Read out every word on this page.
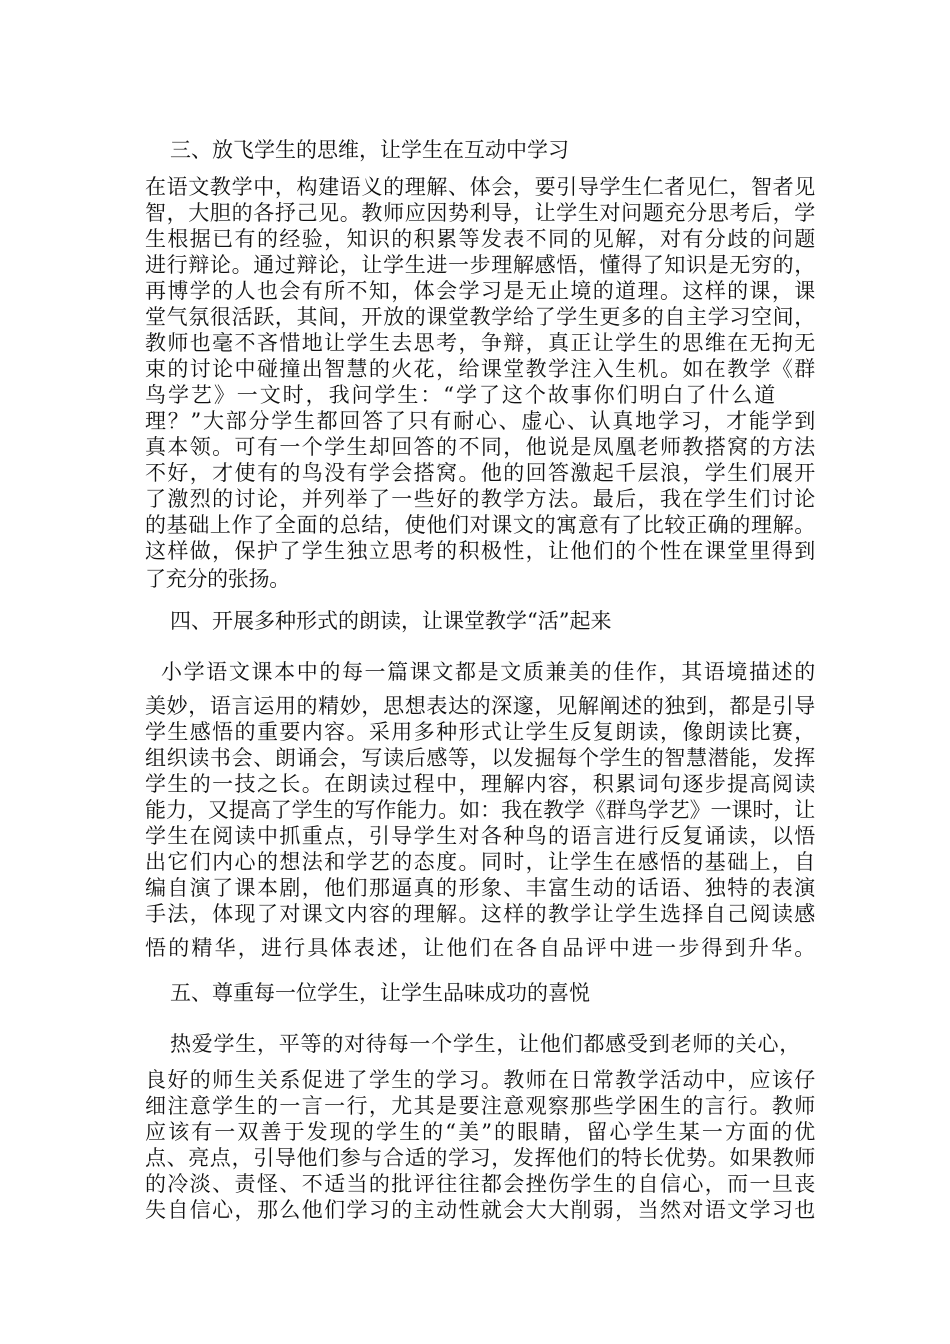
三、放飞学生的思维，让学生在互动中学习
在语文教学中，构建语义的理解、体会，要引导学生仁者见仁，智者见
智，大胆的各抒己见。教师应因势利导，让学生对问题充分思考后，学
生根据已有的经验，知识的积累等发表不同的见解，对有分歧的问题
进行辩论。通过辩论，让学生进一步理解感悟，懂得了知识是无穷的，
再博学的人也会有所不知，体会学习是无止境的道理。这样的课，课
堂气氛很活跃，其间，开放的课堂教学给了学生更多的自主学习空间，
教师也毫不吝惜地让学生去思考，争辩，真正让学生的思维在无拘无
束的讨论中碰撞出智慧的火花，给课堂教学注入生机。如在教学《群
鸟学艺》一文时，我问学生：“学了这个故事你们明白了什么道
理？”大部分学生都回答了只有耐心、虚心、认真地学习，才能学到
真本领。可有一个学生却回答的不同，他说是凤凰老师教搭窝的方法
不好，才使有的鸟没有学会搭窝。他的回答激起千层浪，学生们展开
了激烈的讨论，并列举了一些好的教学方法。最后，我在学生们讨论
的基础上作了全面的总结，使他们对课文的寓意有了比较正确的理解。
这样做，保护了学生独立思考的积极性，让他们的个性在课堂里得到
了充分的张扬。
四、开展多种形式的朗读，让课堂教学“活”起来
小学语文课本中的每一篇课文都是文质兼美的佳作，其语境描述的
美妙，语言运用的精妙，思想表达的深邃，见解阐述的独到，都是引导
学生感悟的重要内容。采用多种形式让学生反复朗读，像朗读比赛，
组织读书会、朗诵会，写读后感等，以发掘每个学生的智慧潜能，发挥
学生的一技之长。在朗读过程中，理解内容，积累词句逐步提高阅读
能力，又提高了学生的写作能力。如：我在教学《群鸟学艺》一课时，让
学生在阅读中抓重点，引导学生对各种鸟的语言进行反复诵读，以悟
出它们内心的想法和学艺的态度。同时，让学生在感悟的基础上，自
编自演了课本剧，他们那逼真的形象、丰富生动的话语、独特的表演
手法，体现了对课文内容的理解。这样的教学让学生选择自己阅读感
悟的精华，进行具体表述，让他们在各自品评中进一步得到升华。
五、尊重每一位学生，让学生品味成功的喜悦
热爱学生，平等的对待每一个学生，让他们都感受到老师的关心，
良好的师生关系促进了学生的学习。教师在日常教学活动中，应该仔
细注意学生的一言一行，尤其是要注意观察那些学困生的言行。教师
应该有一双善于发现的学生的“美”的眼睛，留心学生某一方面的优
点、亮点，引导他们参与合适的学习，发挥他们的特长优势。如果教师
的冷淡、责怪、不适当的批评往往都会挫伤学生的自信心，而一旦丧
失自信心，那么他们学习的主动性就会大大削弱，当然对语文学习也
